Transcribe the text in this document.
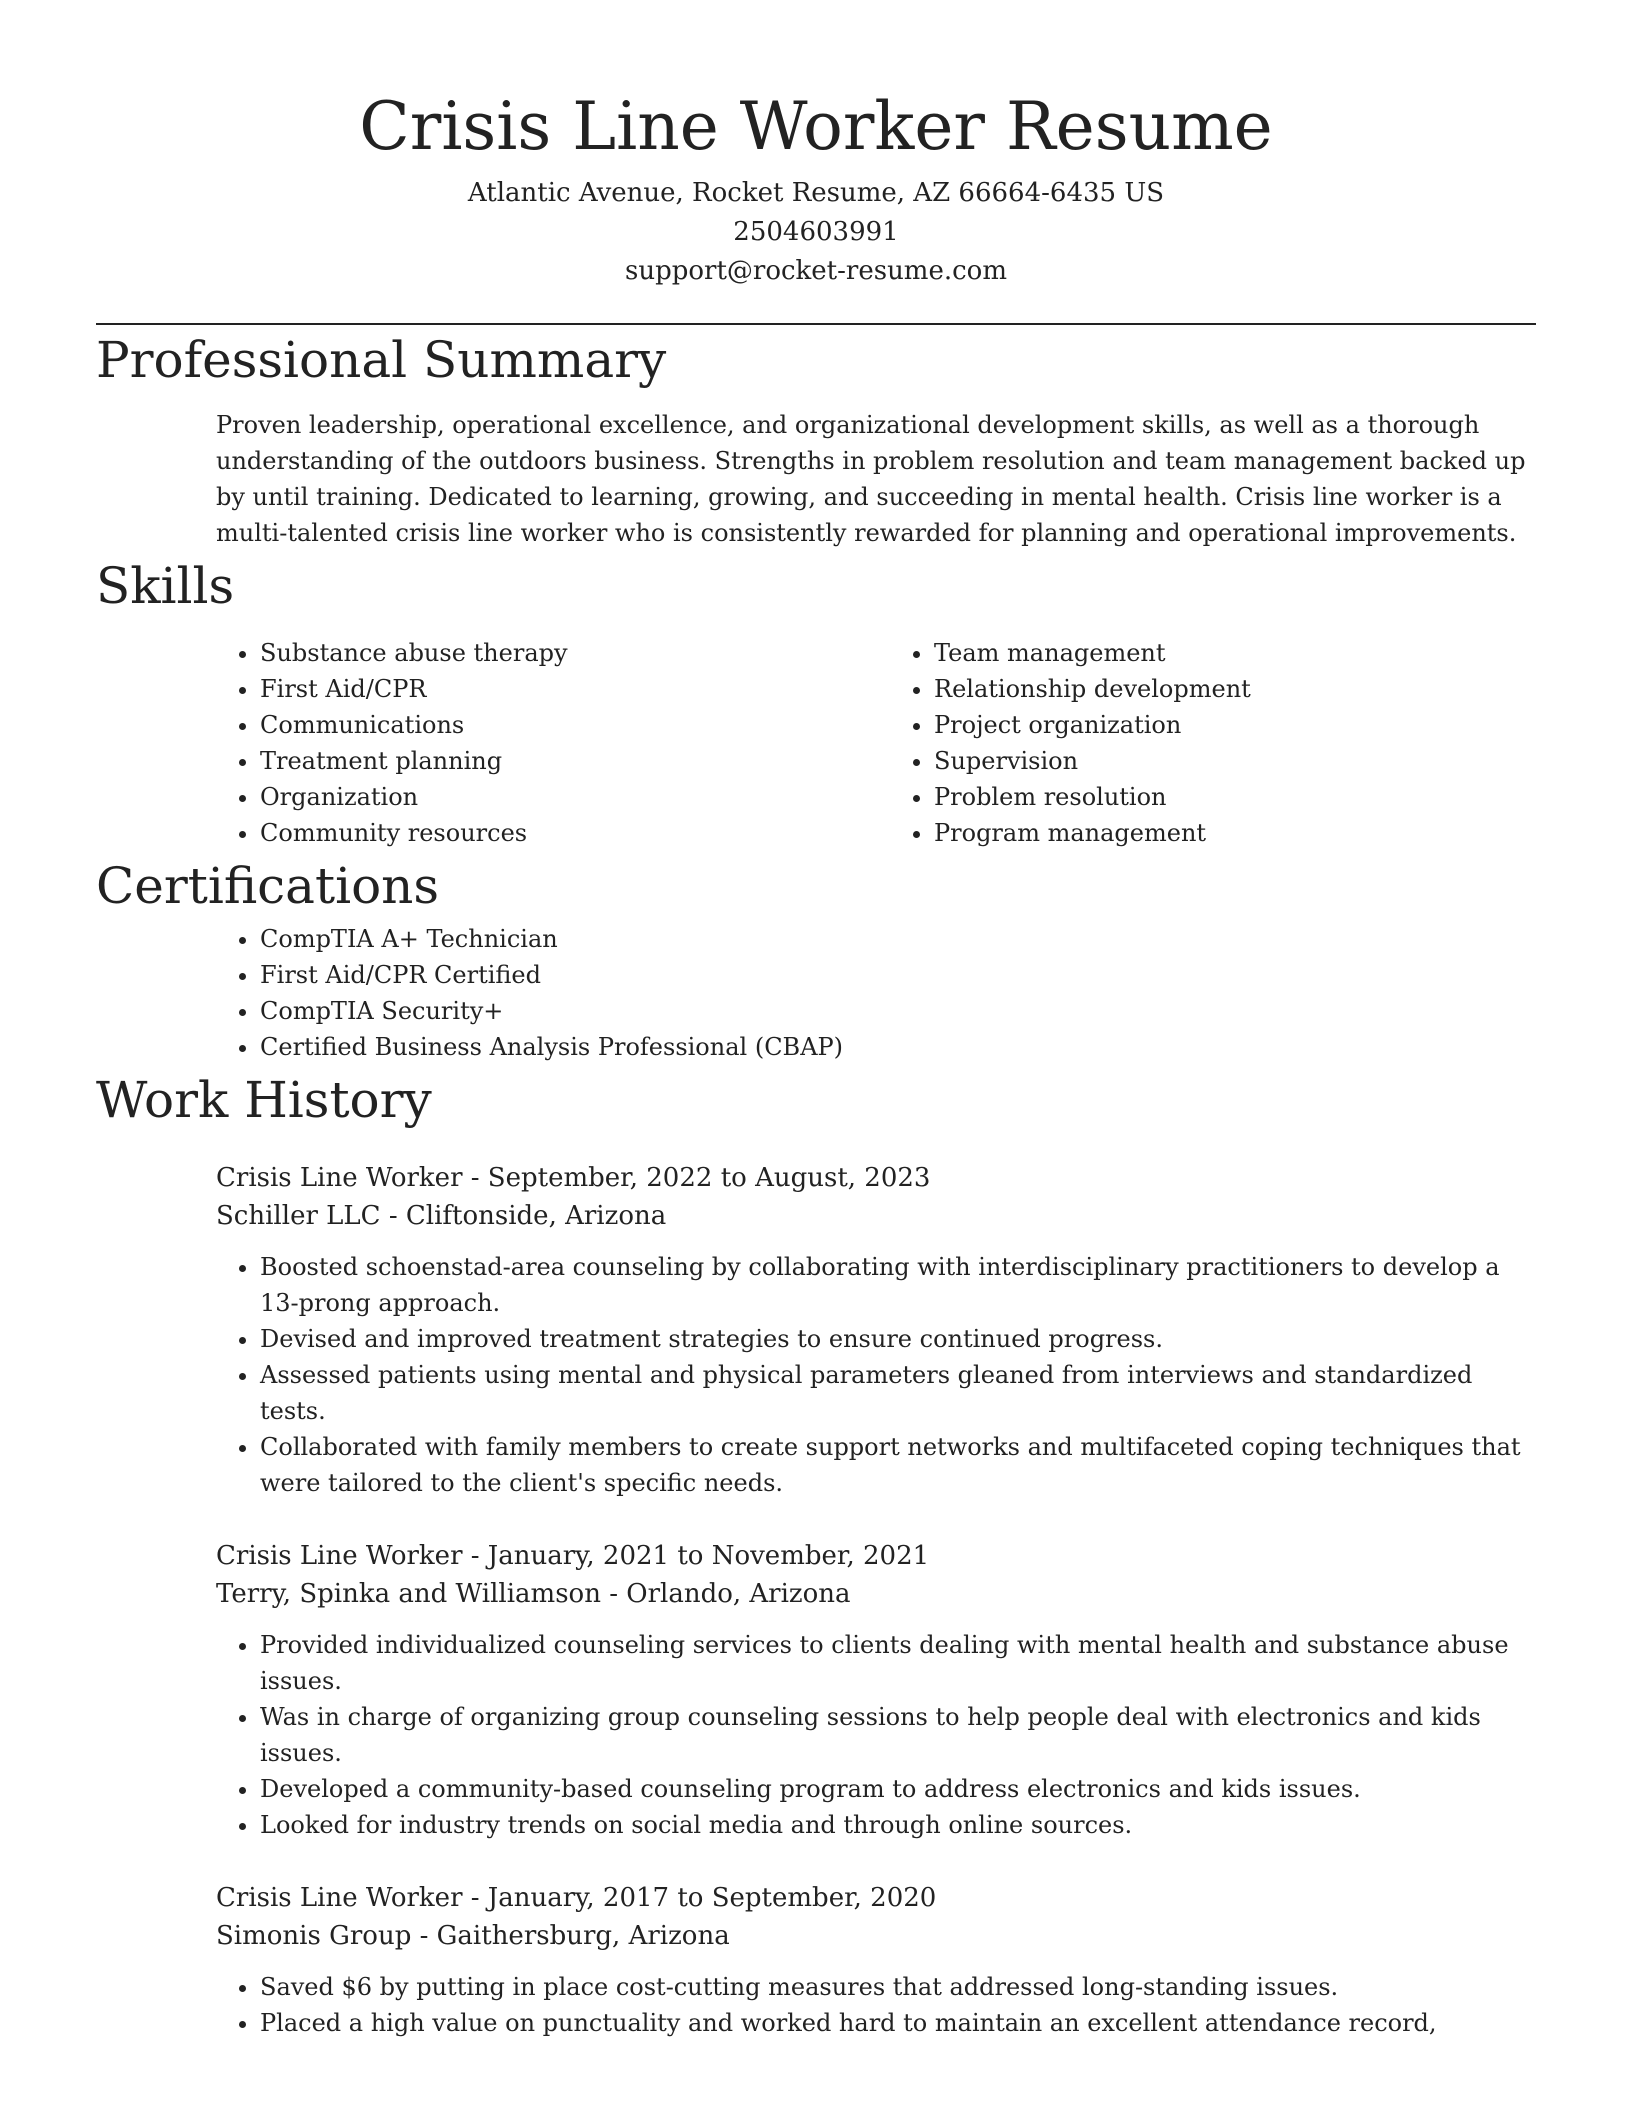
Crisis Line Worker Resume
Atlantic Avenue, Rocket Resume, AZ 66664-6435 US
2504603991
support@rocket-resume.com
Professional Summary

Proven leadership, operational excellence, and organizational development skills, as well as a thorough understanding of the outdoors business. Strengths in problem resolution and team management backed up by until training. Dedicated to learning, growing, and succeeding in mental health. Crisis line worker is a multi-talented crisis line worker who is consistently rewarded for planning and operational improvements.

Skills
• Substance abuse therapy
• First Aid/CPR
• Communications
• Treatment planning
• Organization
• Community resources
• Team management
• Relationship development
• Project organization
• Supervision
• Problem resolution
• Program management
Certifications
• CompTIA A+ Technician
• First Aid/CPR Certified
• CompTIA Security+
• Certified Business Analysis Professional (CBAP)
Work History
Crisis Line Worker - September, 2022 to August, 2023
Schiller LLC - Cliftonside, Arizona
• Boosted schoenstad-area counseling by collaborating with interdisciplinary practitioners to develop a 13-prong approach.
• Devised and improved treatment strategies to ensure continued progress.
• Assessed patients using mental and physical parameters gleaned from interviews and standardized tests.
• Collaborated with family members to create support networks and multifaceted coping techniques that were tailored to the client's specific needs.
Crisis Line Worker - January, 2021 to November, 2021
Terry, Spinka and Williamson - Orlando, Arizona
• Provided individualized counseling services to clients dealing with mental health and substance abuse issues.
• Was in charge of organizing group counseling sessions to help people deal with electronics and kids issues.
• Developed a community-based counseling program to address electronics and kids issues.
• Looked for industry trends on social media and through online sources.
Crisis Line Worker - January, 2017 to September, 2020
Simonis Group - Gaithersburg, Arizona
• Saved $6 by putting in place cost-cutting measures that addressed long-standing issues.
• Placed a high value on punctuality and worked hard to maintain an excellent attendance record,
